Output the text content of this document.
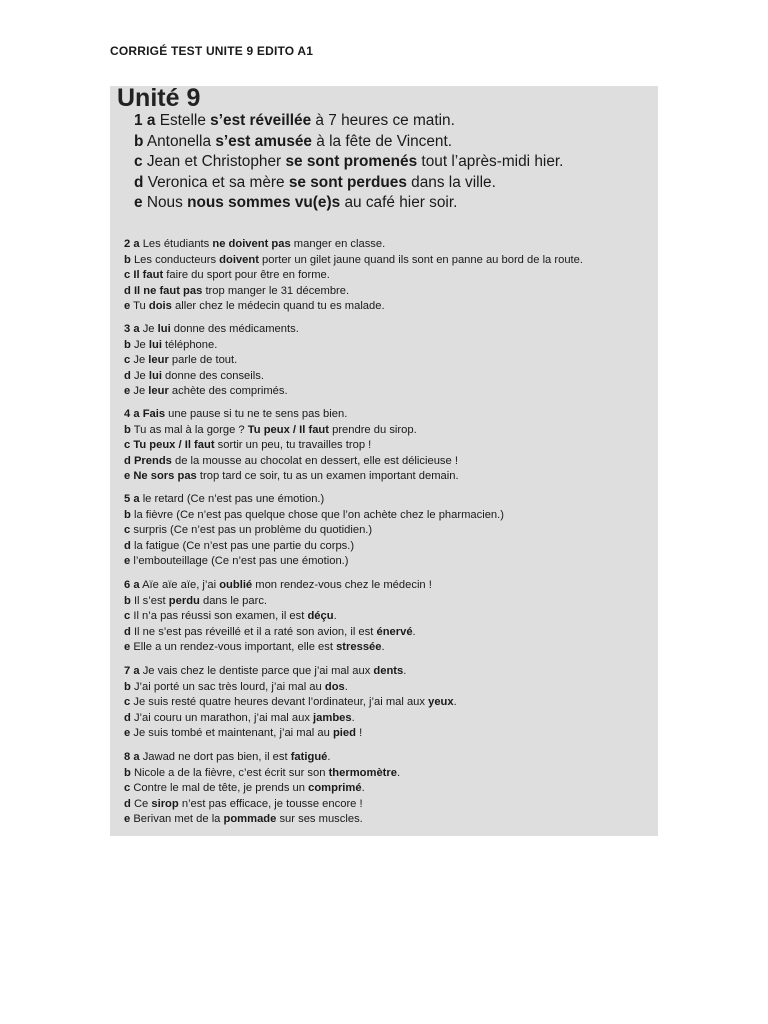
CORRIGÉ TEST UNITE 9 EDITO A1
Unité 9
1 a Estelle s’est réveillée à 7 heures ce matin.
b Antonella s’est amusée à la fête de Vincent.
c Jean et Christopher se sont promenés tout l’après-midi hier.
d Veronica et sa mère se sont perdues dans la ville.
e Nous nous sommes vu(e)s au café hier soir.
2 a Les étudiants ne doivent pas manger en classe.
b Les conducteurs doivent porter un gilet jaune quand ils sont en panne au bord de la route.
c Il faut faire du sport pour être en forme.
d Il ne faut pas trop manger le 31 décembre.
e Tu dois aller chez le médecin quand tu es malade.
3 a Je lui donne des médicaments.
b Je lui téléphone.
c Je leur parle de tout.
d Je lui donne des conseils.
e Je leur achète des comprimés.
4 a Fais une pause si tu ne te sens pas bien.
b Tu as mal à la gorge ? Tu peux / Il faut prendre du sirop.
c Tu peux / Il faut sortir un peu, tu travailles trop !
d Prends de la mousse au chocolat en dessert, elle est délicieuse !
e Ne sors pas trop tard ce soir, tu as un examen important demain.
5 a le retard (Ce n’est pas une émotion.)
b la fièvre (Ce n’est pas quelque chose que l’on achète chez le pharmacien.)
c surpris (Ce n’est pas un problème du quotidien.)
d la fatigue (Ce n’est pas une partie du corps.)
e l’embouteillage (Ce n’est pas une émotion.)
6 a Aïe aïe aïe, j’ai oublié mon rendez-vous chez le médecin !
b Il s’est perdu dans le parc.
c Il n’a pas réussi son examen, il est déçu.
d Il ne s’est pas réveillé et il a raté son avion, il est énervé.
e Elle a un rendez-vous important, elle est stressée.
7 a Je vais chez le dentiste parce que j’ai mal aux dents.
b J’ai porté un sac très lourd, j’ai mal au dos.
c Je suis resté quatre heures devant l’ordinateur, j’ai mal aux yeux.
d J’ai couru un marathon, j’ai mal aux jambes.
e Je suis tombé et maintenant, j’ai mal au pied !
8 a Jawad ne dort pas bien, il est fatigué.
b Nicole a de la fièvre, c’est écrit sur son thermomètre.
c Contre le mal de tête, je prends un comprimé.
d Ce sirop n’est pas efficace, je tousse encore !
e Berivan met de la pommade sur ses muscles.
